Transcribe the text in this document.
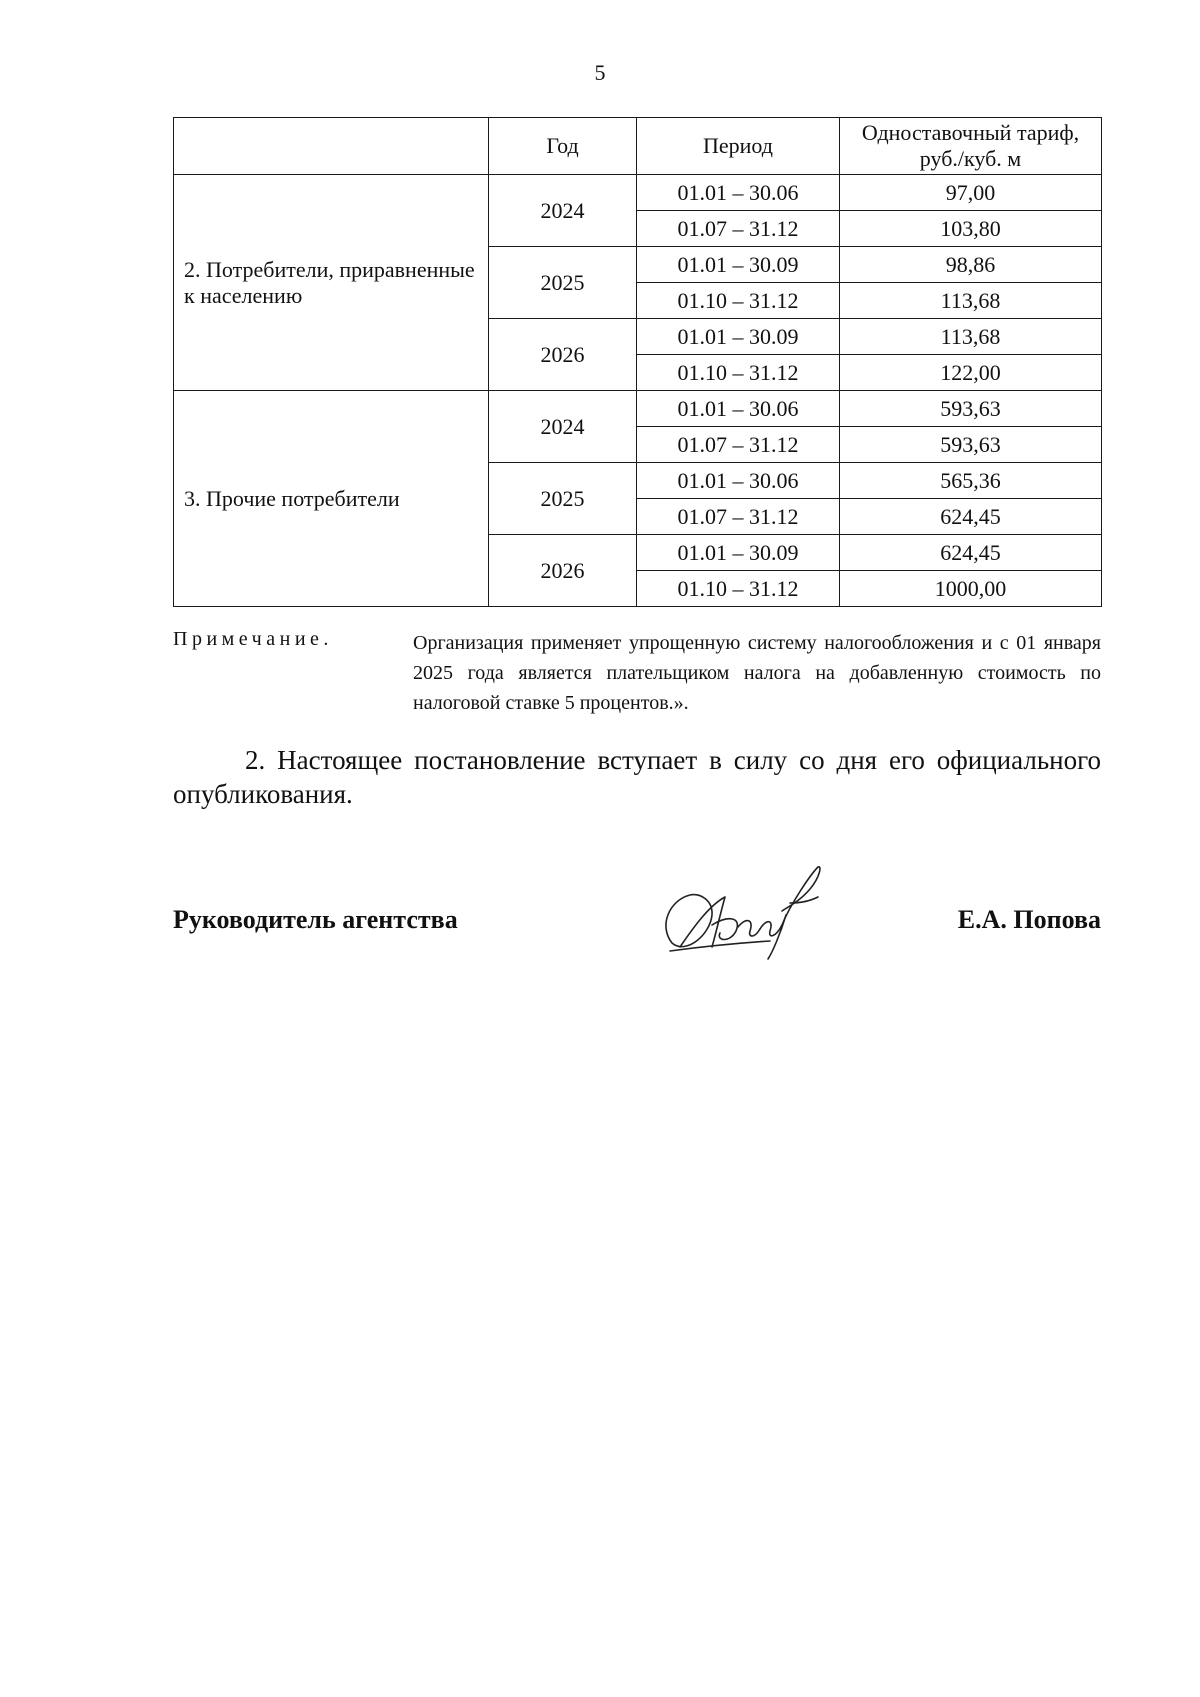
5
	Год	Период	Одноставочный тариф, руб./куб. м
2. Потребители, приравненные к населению	2024	01.01 – 30.06	97,00
		01.07 – 31.12	103,80
	2025	01.01 – 30.09	98,86
		01.10 – 31.12	113,68
	2026	01.01 – 30.09	113,68
		01.10 – 31.12	122,00
3. Прочие потребители	2024	01.01 – 30.06	593,63
		01.07 – 31.12	593,63
	2025	01.01 – 30.06	565,36
		01.07 – 31.12	624,45
	2026	01.01 – 30.09	624,45
		01.10 – 31.12	1000,00
Примечание.	Организация применяет упрощенную систему налогообложения и с 01 января 2025 года является плательщиком налога на добавленную стоимость по налоговой ставке 5 процентов.».
2. Настоящее постановление вступает в силу со дня его официального опубликования.
Руководитель агентства	Е.А. Попова
